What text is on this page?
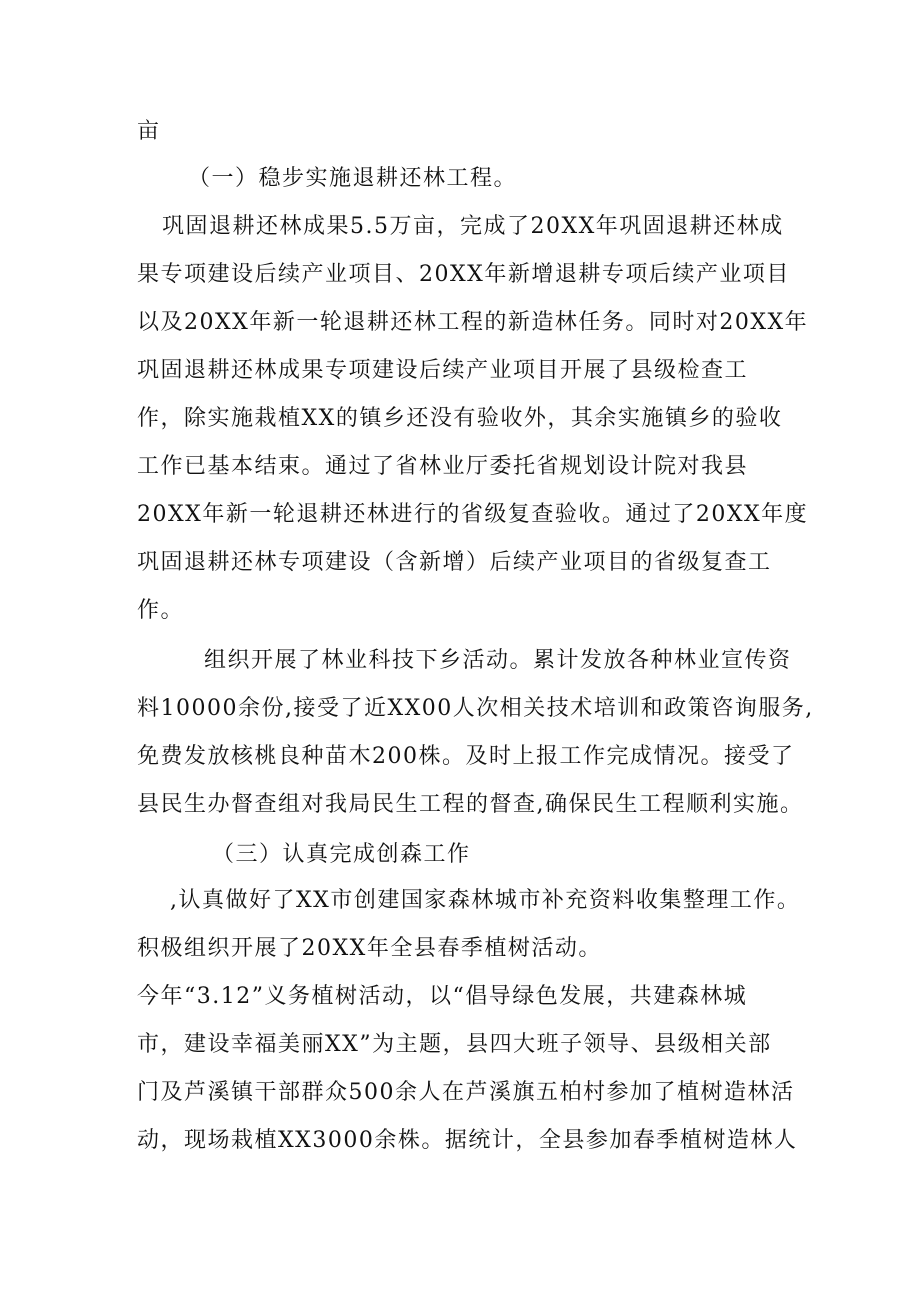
亩
（一）稳步实施退耕还林工程。
巩固退耕还林成果5.5万亩，完成了20XX年巩固退耕还林成
果专项建设后续产业项目、20XX年新增退耕专项后续产业项目
以及20XX年新一轮退耕还林工程的新造林任务。同时对20XX年
巩固退耕还林成果专项建设后续产业项目开展了县级检查工
作，除实施栽植XX的镇乡还没有验收外，其余实施镇乡的验收
工作已基本结束。通过了省林业厅委托省规划设计院对我县
20XX年新一轮退耕还林进行的省级复查验收。通过了20XX年度
巩固退耕还林专项建设（含新增）后续产业项目的省级复查工
作。
组织开展了林业科技下乡活动。累计发放各种林业宣传资
料10000余份,接受了近XX00人次相关技术培训和政策咨询服务,
免费发放核桃良种苗木200株。及时上报工作完成情况。接受了
县民生办督查组对我局民生工程的督查,确保民生工程顺利实施。
（三）认真完成创森工作
,认真做好了XX市创建国家森林城市补充资料收集整理工作。
积极组织开展了20XX年全县春季植树活动。
今年“3.12”义务植树活动，以“倡导绿色发展，共建森林城
市，建设幸福美丽XX”为主题，县四大班子领导、县级相关部
门及芦溪镇干部群众500余人在芦溪旗五柏村参加了植树造林活
动，现场栽植XX3000余株。据统计，全县参加春季植树造林人
